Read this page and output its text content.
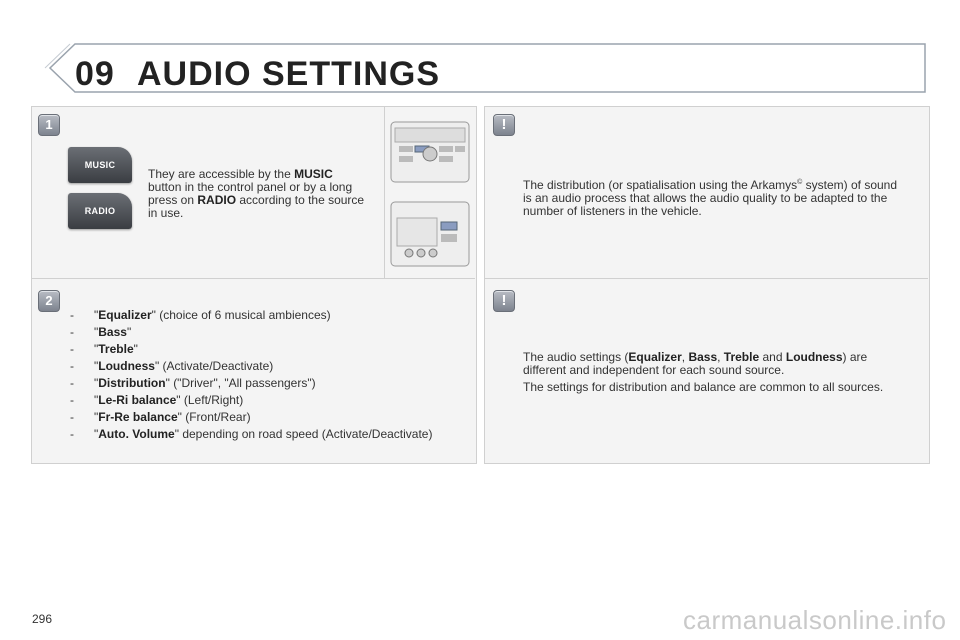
09 AUDIO SETTINGS
1
MUSIC
RADIO
They are accessible by the MUSIC
button in the control panel or by a long
press on RADIO according to the source
in use.
2
- "Equalizer" (choice of 6 musical ambiences)
- "Bass"
- "Treble"
- "Loudness" (Activate/Deactivate)
- "Distribution" ("Driver", "All passengers")
- "Le-Ri balance" (Left/Right)
- "Fr-Re balance" (Front/Rear)
- "Auto. Volume" depending on road speed (Activate/Deactivate)
!
The distribution (or spatialisation using the Arkamys© system) of sound
is an audio process that allows the audio quality to be adapted to the
number of listeners in the vehicle.
!
The audio settings (Equalizer, Bass, Treble and Loudness) are
different and independent for each sound source.
The settings for distribution and balance are common to all sources.
296	carmanualsonline.info
